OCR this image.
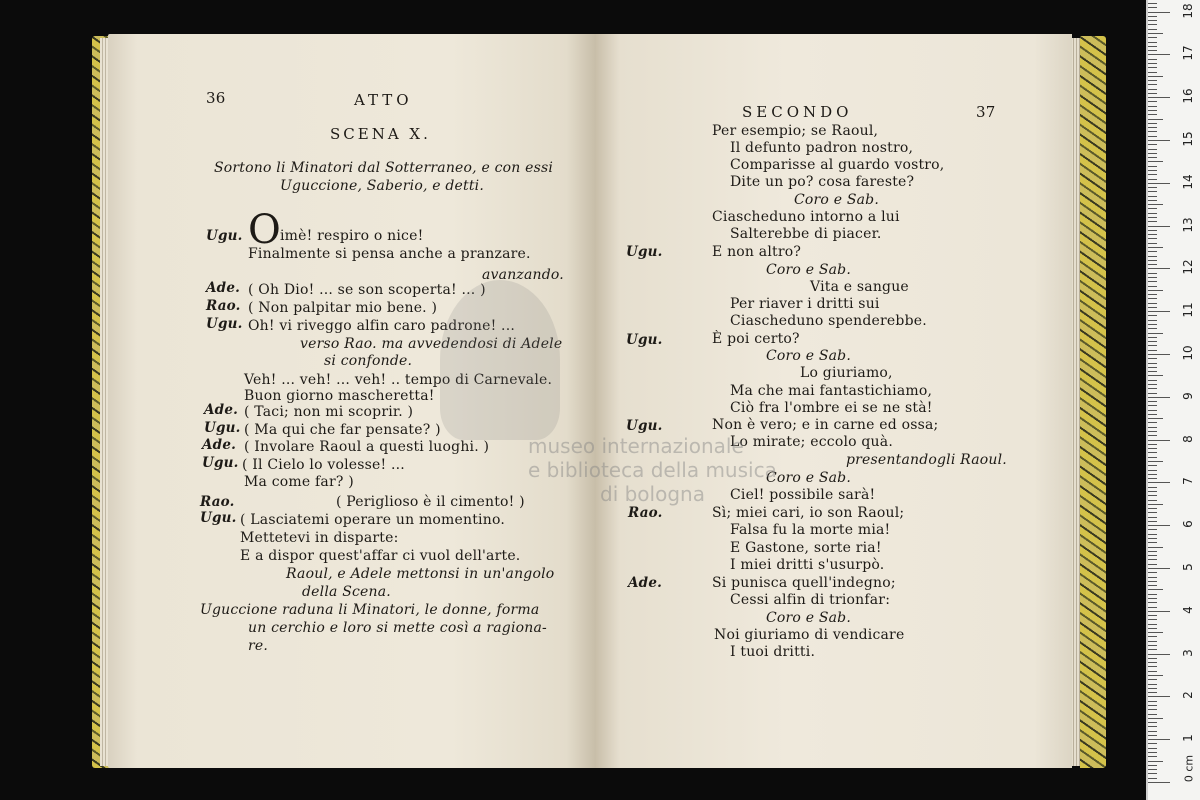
36	ATTO
SCENA X.
Sortono li Minatori dal Sotterraneo, e con essi
Uguccione, Saberio, e detti.
Ugu. O imè! respiro o nice!
Finalmente si pensa anche a pranzare.
avanzando.
Ade. ( Oh Dio! ... se son scoperta! ... )
Rao. ( Non palpitar mio bene. )
Ugu. Oh! vi riveggo alfin caro padrone! ...
verso Rao. ma avvedendosi di Adele
si confonde.
Veh! ... veh! ... veh! .. tempo di Carnevale.
Buon giorno mascheretta!
Ade. ( Taci; non mi scoprir. )
Ugu. ( Ma qui che far pensate? )
Ade. ( Involare Raoul a questi luoghi. )
Ugu. ( Il Cielo lo volesse! ...
Ma come far? )
Rao.	( Periglioso è il cimento! )
Ugu. ( Lasciatemi operare un momentino.
Mettetevi in disparte:
E a dispor quest'affar ci vuol dell'arte.
Raoul, e Adele mettonsi in un'angolo
della Scena.
Uguccione raduna li Minatori, le donne, forma
un cerchio e loro si mette così a ragiona-
re.
SECONDO	37
Per esempio; se Raoul,
Il defunto padron nostro,
Comparisse al guardo vostro,
Dite un po? cosa fareste?
Coro e Sab.
Ciascheduno intorno a lui
Salterebbe di piacer.
Ugu.	E non altro?
Coro e Sab.
Vita e sangue
Per riaver i dritti sui
Ciascheduno spenderebbe.
Ugu.	È poi certo?
Coro e Sab.
Lo giuriamo,
Ma che mai fantastichiamo,
Ciò fra l'ombre ei se ne stà!
Ugu.	Non è vero; e in carne ed ossa;
Lo mirate; eccolo quà.
presentandogli Raoul.
Coro e Sab.
Ciel! possibile sarà!
Rao.	Sì; miei cari, io son Raoul;
Falsa fu la morte mia!
E Gastone, sorte ria!
I miei dritti s'usurpò.
Ade.	Si punisca quell'indegno;
Cessi alfin di trionfar:
Coro e Sab.
Noi giuriamo di vendicare
I tuoi dritti.
museo internazionale
e biblioteca della musica
di bologna
0 cm
1
2
3
4
5
6
7
8
9
10
11
12
13
14
15
16
17
18
